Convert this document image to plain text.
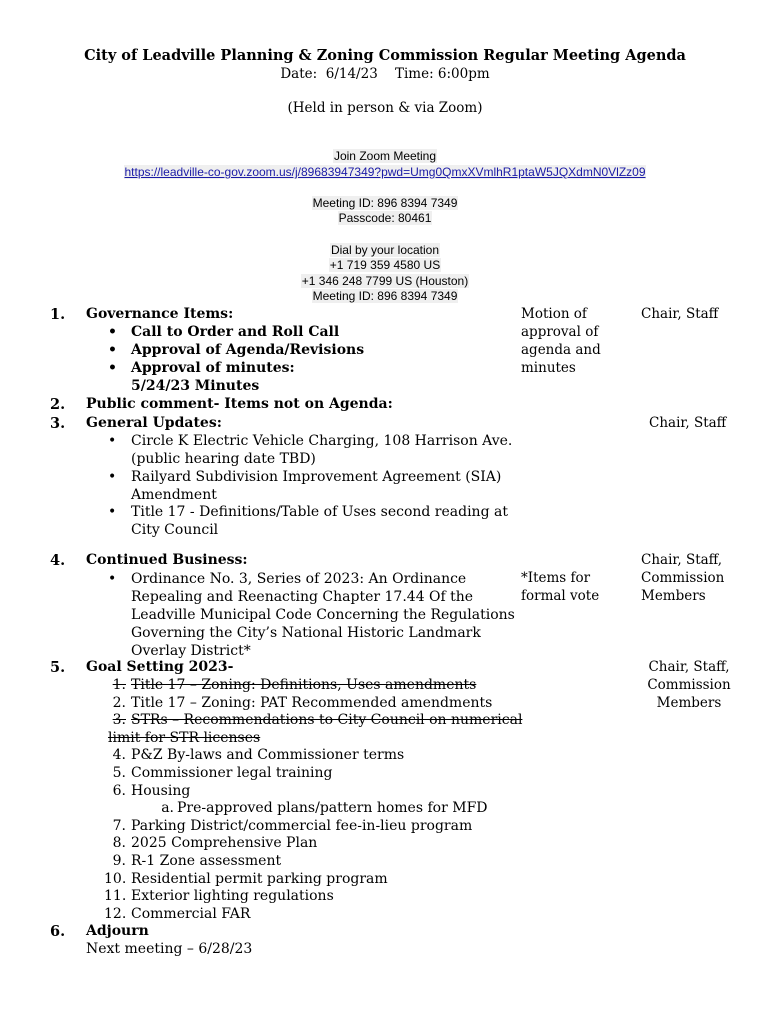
City of Leadville Planning & Zoning Commission Regular Meeting Agenda
Date:  6/14/23    Time: 6:00pm
(Held in person & via Zoom)
Join Zoom Meeting
https://leadville-co-gov.zoom.us/j/89683947349?pwd=Umg0QmxXVmlhR1ptaW5JQXdmN0VlZz09
Meeting ID: 896 8394 7349
Passcode: 80461
Dial by your location
+1 719 359 4580 US
+1 346 248 7799 US (Houston)
Meeting ID: 896 8394 7349
1. Governance Items:
• Call to Order and Roll Call
• Approval of Agenda/Revisions
• Approval of minutes:
5/24/23 Minutes
Motion of
approval of
agenda and
minutes
Chair, Staff
2. Public comment- Items not on Agenda:
3. General Updates:	Chair, Staff
• Circle K Electric Vehicle Charging, 108 Harrison Ave.
(public hearing date TBD)
• Railyard Subdivision Improvement Agreement (SIA)
Amendment
• Title 17 - Definitions/Table of Uses second reading at
City Council
4. Continued Business:
• Ordinance No. 3, Series of 2023: An Ordinance
Repealing and Reenacting Chapter 17.44 Of the
Leadville Municipal Code Concerning the Regulations
Governing the City’s National Historic Landmark
Overlay District*
*Items for
formal vote
Chair, Staff,
Commission
Members
5. Goal Setting 2023-	Chair, Staff,
Commission
Members
1. Title 17 – Zoning: Definitions, Uses amendments
2. Title 17 – Zoning: PAT Recommended amendments
3. STRs – Recommendations to City Council on numerical
limit for STR licenses
4. P&Z By-laws and Commissioner terms
5. Commissioner legal training
6. Housing
a. Pre-approved plans/pattern homes for MFD
7. Parking District/commercial fee-in-lieu program
8. 2025 Comprehensive Plan
9. R-1 Zone assessment
10. Residential permit parking program
11. Exterior lighting regulations
12. Commercial FAR
6. Adjourn
Next meeting – 6/28/23
